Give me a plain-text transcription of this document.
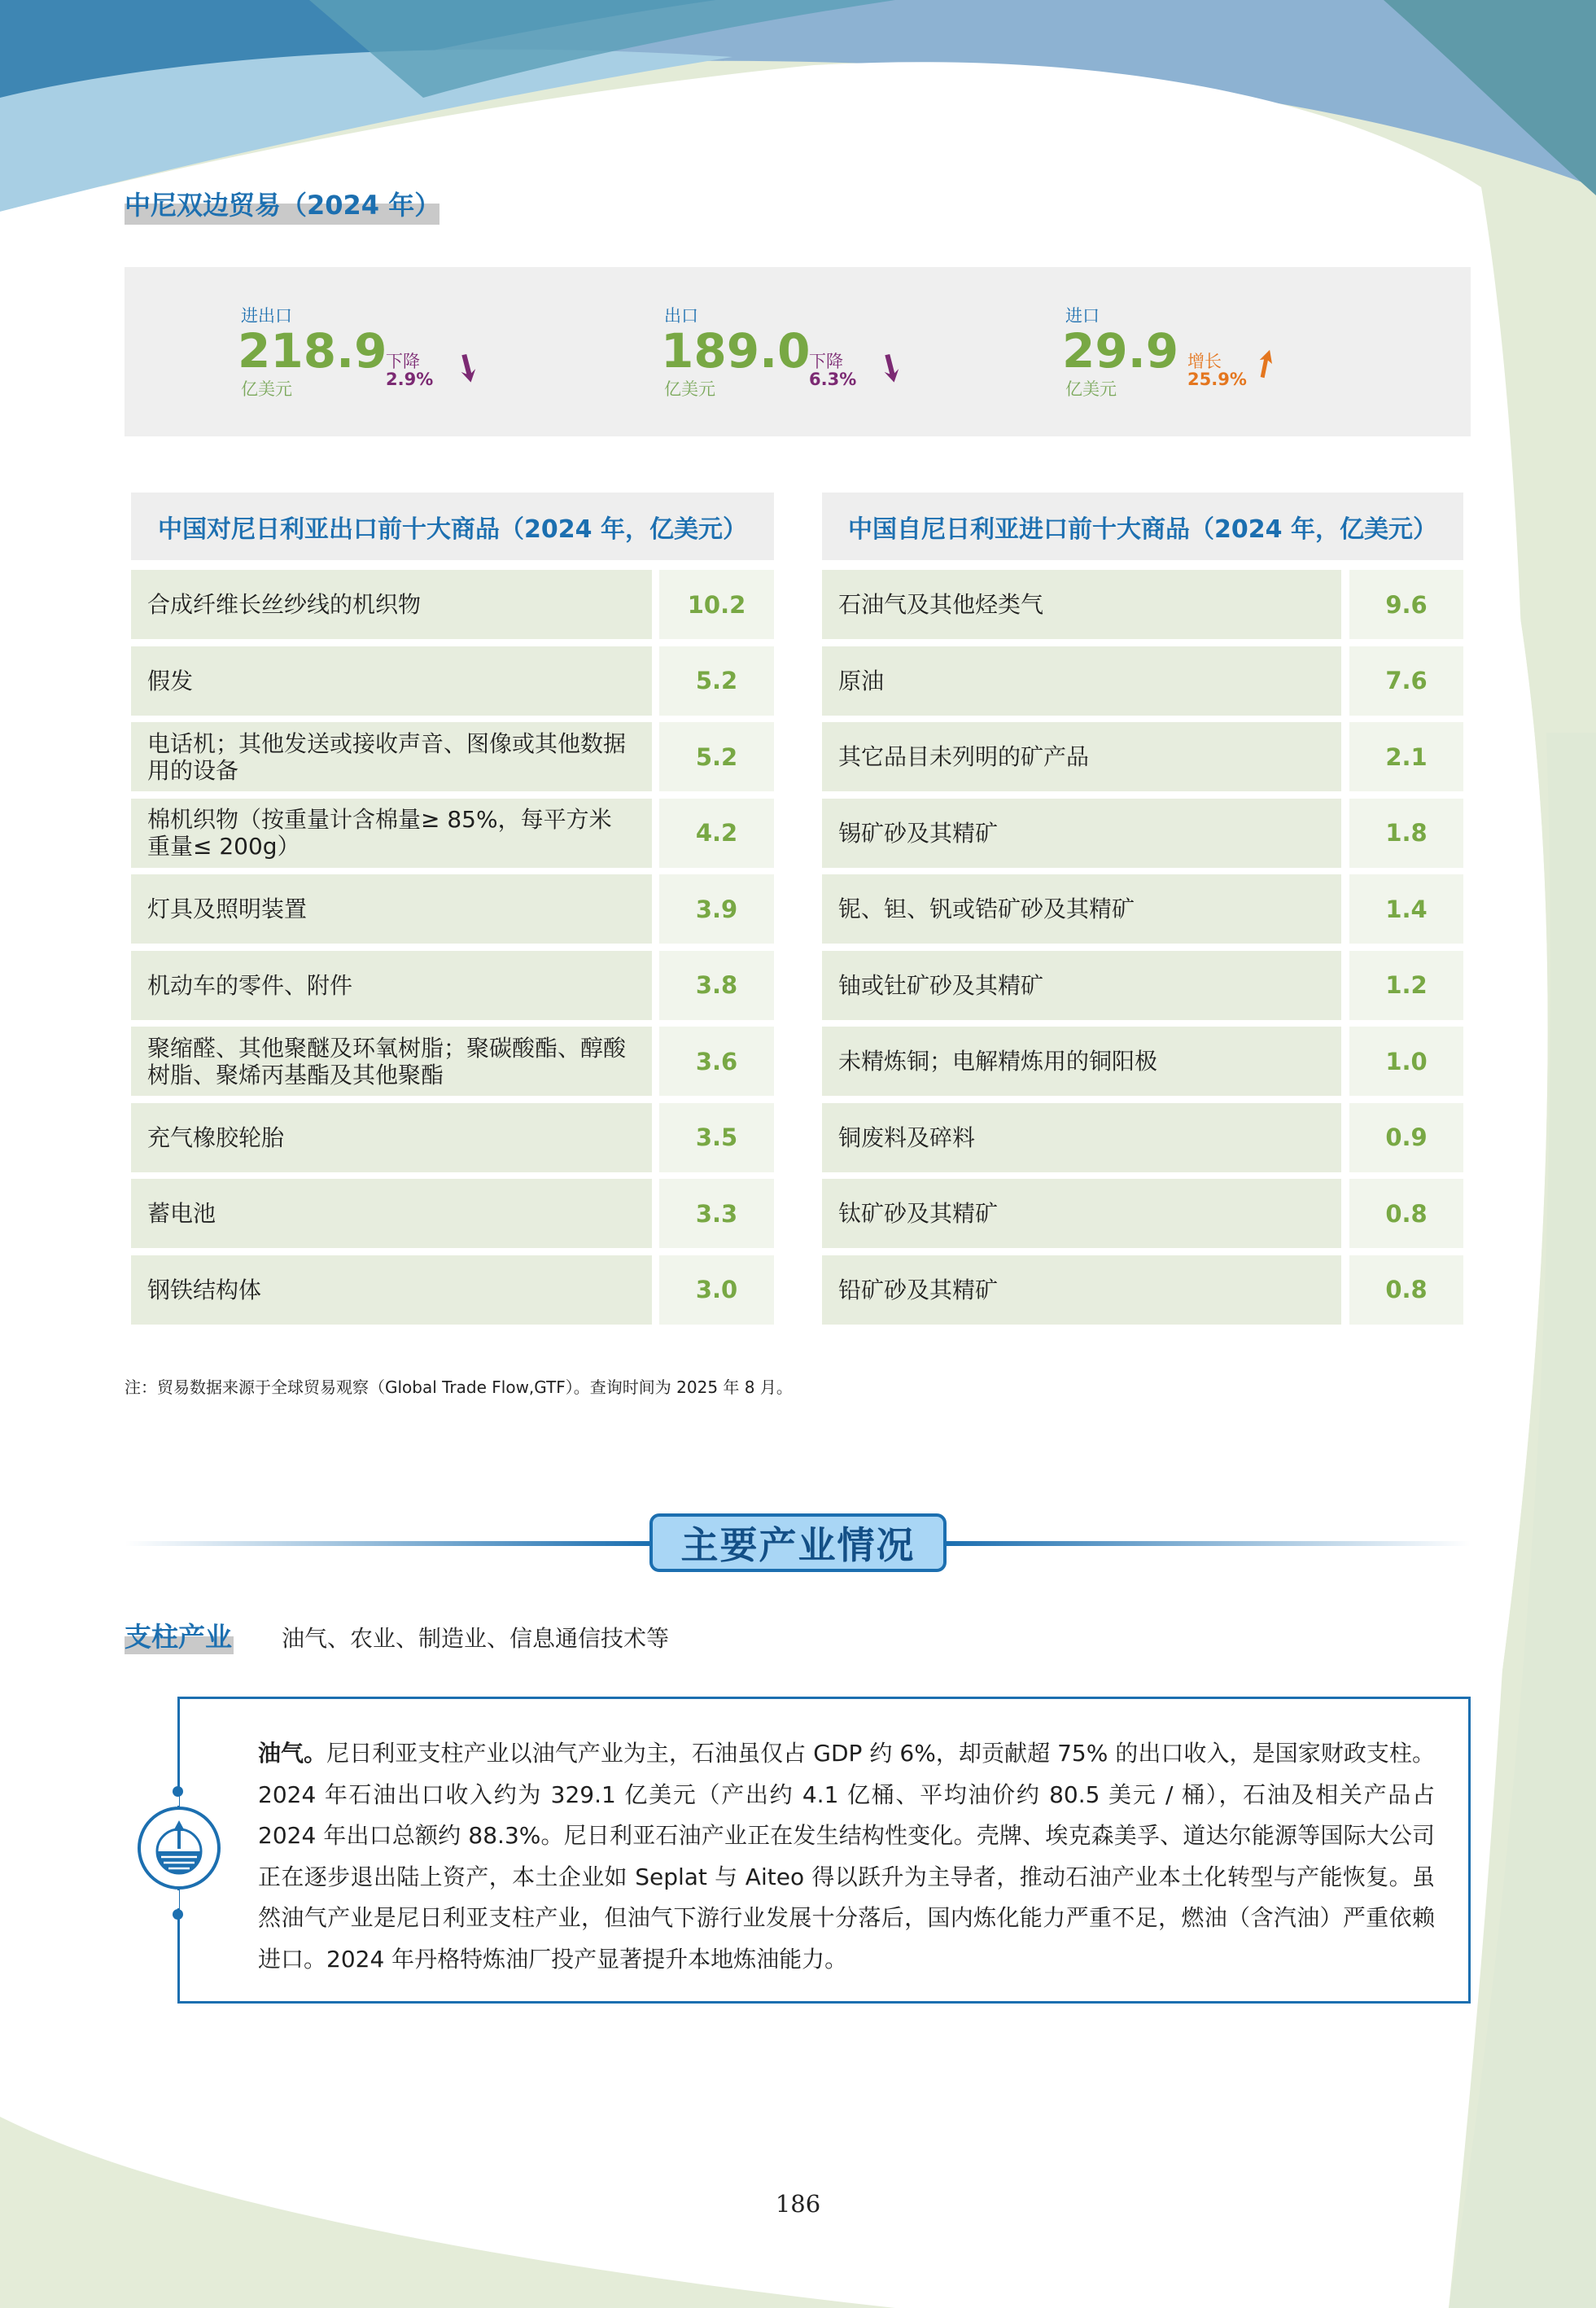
中尼双边贸易（2024 年）
进出口
218.9
亿美元
下降
2.9%
出口
189.0
亿美元
下降
6.3%
进口
29.9
亿美元
增长
25.9%
中国对尼日利亚出口前十大商品（2024 年，亿美元）
合成纤维长丝纱线的机织物	10.2
假发	5.2
电话机；其他发送或接收声音、图像或其他数据
用的设备	5.2
棉机织物（按重量计含棉量≥ 85%，每平方米
重量≤ 200g）	4.2
灯具及照明装置	3.9
机动车的零件、附件	3.8
聚缩醛、其他聚醚及环氧树脂；聚碳酸酯、醇酸
树脂、聚烯丙基酯及其他聚酯	3.6
充气橡胶轮胎	3.5
蓄电池	3.3
钢铁结构体	3.0
中国自尼日利亚进口前十大商品（2024 年，亿美元）
石油气及其他烃类气	9.6
原油	7.6
其它品目未列明的矿产品	2.1
锡矿砂及其精矿	1.8
铌、钽、钒或锆矿砂及其精矿	1.4
铀或钍矿砂及其精矿	1.2
未精炼铜；电解精炼用的铜阳极	1.0
铜废料及碎料	0.9
钛矿砂及其精矿	0.8
铅矿砂及其精矿	0.8
注：贸易数据来源于全球贸易观察（Global Trade Flow,GTF）。查询时间为 2025 年 8 月。
主要产业情况
支柱产业 油气、农业、制造业、信息通信技术等
油气。尼日利亚支柱产业以油气产业为主，石油虽仅占 GDP 约 6%，却贡献超 75% 的出口收入，是国家财政支柱。2024 年石油出口收入约为 329.1 亿美元（产出约 4.1 亿桶、平均油价约 80.5 美元 / 桶），石油及相关产品占 2024 年出口总额约 88.3%。尼日利亚石油产业正在发生结构性变化。壳牌、埃克森美孚、道达尔能源等国际大公司正在逐步退出陆上资产，本土企业如 Seplat 与 Aiteo 得以跃升为主导者，推动石油产业本土化转型与产能恢复。虽然油气产业是尼日利亚支柱产业，但油气下游行业发展十分落后，国内炼化能力严重不足，燃油（含汽油）严重依赖进口。2024 年丹格特炼油厂投产显著提升本地炼油能力。
186
